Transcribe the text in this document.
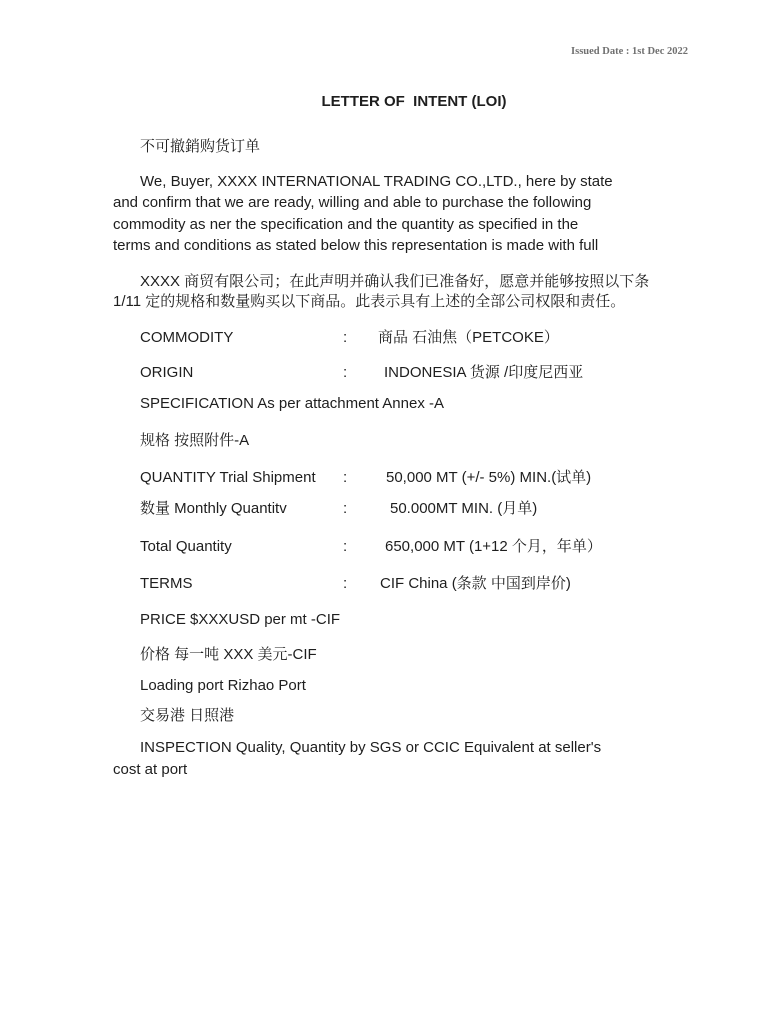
Issued Date : 1st Dec 2022
LETTER OF  INTENT (LOI)
不可撤銷购货订单
We, Buyer, XXXX INTERNATIONAL TRADING CO.,LTD., here by state
and confirm that we are ready, willing and able to purchase the following
commodity as ner the specification and the quantity as specified in the
terms and conditions as stated below this representation is made with full
XXXX 商贸有限公司；在此声明并确认我们已准备好，愿意并能够按照以下条
1/11 定的规格和数量购买以下商品。此表示具有上述的全部公司权限和责任。
COMMODITY	: 商品 石油焦（PETCOKE）
ORIGIN	: INDONESIA 货源 /印度尼西亚
SPECIFICATION As per attachment Annex -A
规格 按照附件-A
QUANTITY Trial Shipment :	50,000 MT (+/- 5%) MIN.(试单)
数量 Monthly Quantitv	:	50.000MT MIN. (月单)
Total Quantity	:	650,000 MT (1+12 个月，年单）
TERMS	: CIF China (条款 中国到岸价)
PRICE $XXXUSD per mt -CIF
价格 每一吨 XXX 美元-CIF
Loading port Rizhao Port
交易港 日照港
INSPECTION Quality, Quantity by SGS or CCIC Equivalent at seller's
cost at port
